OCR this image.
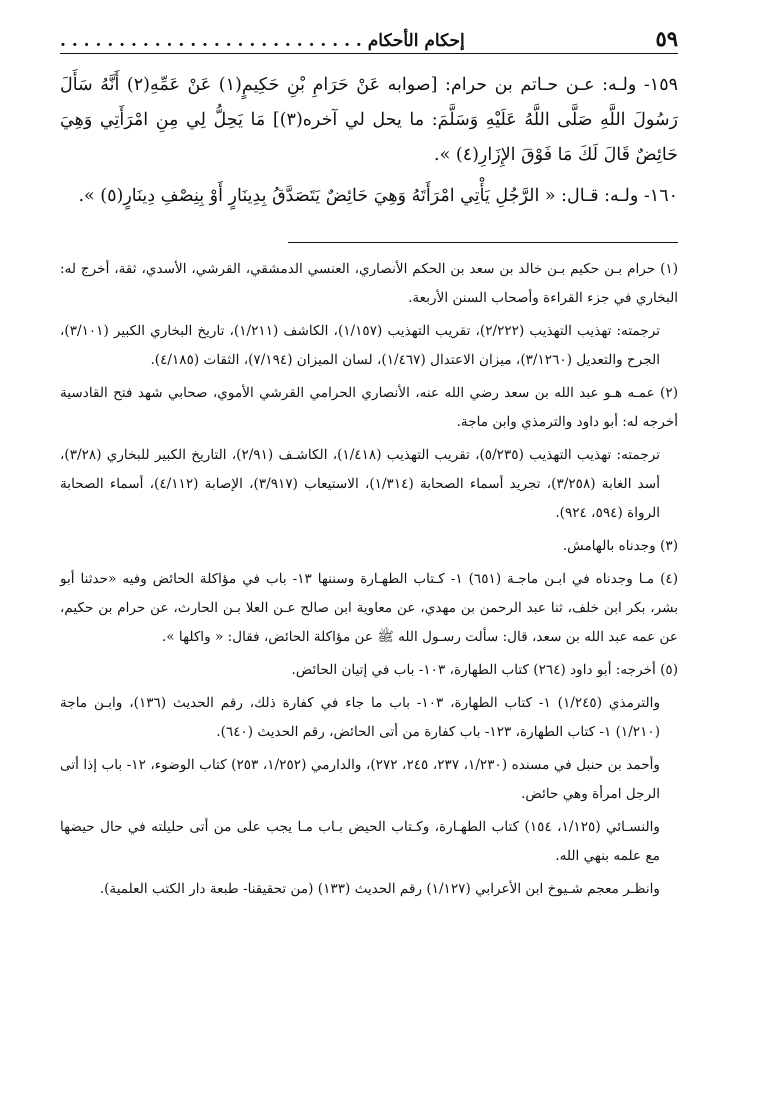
٥٩
إحكام الأحكام . . . . . . . . . . . . . . . . . . . . . . . . . .

١٥٩- ولـه: عـن حـاتم بن حرام: [صوابه عَنْ حَرَامِ بْنِ حَكِيمٍ(١) عَنْ عَمِّهِ(٢) أَنَّهُ سَأَلَ رَسُولَ اللَّهِ صَلَّى اللَّهُ عَلَيْهِ وَسَلَّمَ: ما يحل لي آخره(٣)] مَا يَحِلُّ لِي مِنِ امْرَأَتِي وَهِيَ حَائِضٌ قَالَ لَكَ مَا فَوْقَ الإِزَارِ(٤) ».

١٦٠- ولـه: قـال: « الرَّجُلِ يَأْتِي امْرَأَتَهُ وَهِيَ حَائِضٌ يَتَصَدَّقُ بِدِينَارٍ أَوْ بِنِصْفِ دِينَارٍ(٥) ».

(١) حرام بـن حكيم بـن خالد بن سعد بن الحكم الأنصاري، العنسي الدمشقي، القرشي، الأسدي، ثقة، أخرج له: البخاري في جزء القراءة وأصحاب السنن الأربعة.

ترجمته: تهذيب التهذيب (٢/٢٢٢)، تقريب التهذيب (١/١٥٧)، الكاشف (١/٢١١)، تاريخ البخاري الكبير (٣/١٠١)، الجرح والتعديل (٣/١٢٦٠)، ميزان الاعتدال (١/٤٦٧)، لسان الميزان (٧/١٩٤)، الثقات (٤/١٨٥).

(٢) عمـه هـو عبد الله بن سعد رضي الله عنه، الأنصاري الحرامي القرشي الأموي، صحابي شهد فتح القادسية أخرجه له: أبو داود والترمذي وابن ماجة.

ترجمته: تهذيب التهذيب (٥/٢٣٥)، تقريب التهذيب (١/٤١٨)، الكاشـف (٢/٩١)، التاريخ الكبير للبخاري (٣/٢٨)، أسد الغابة (٣/٢٥٨)، تجريد أسماء الصحابة (١/٣١٤)، الاستيعاب (٣/٩١٧)، الإصابة (٤/١١٢)، أسماء الصحابة الرواة (٥٩٤، ٩٢٤).

(٣) وجدناه بالهامش.

(٤) مـا وجدناه في ابـن ماجـة (٦٥١) ١- كـتاب الطهـارة وسننها ١٣- باب في مؤاكلة الحائض وفيه «حدثنا أبو بشر، بكر ابن خلف، ثنا عبد الرحمن بن مهدي، عن معاوية ابن صالح عـن العلا بـن الحارث، عن حرام بن حكيم، عن عمه عبد الله بن سعد، قال: سألت رسـول الله ﷺ عن مؤاكلة الحائض، فقال: « واكلها ».

(٥) أخرجه: أبو داود (٢٦٤) كتاب الطهارة، ١٠٣- باب في إتيان الحائض.

والترمذي (١/٢٤٥) ١- كتاب الطهارة، ١٠٣- باب ما جاء في كفارة ذلك، رقم الحديث (١٣٦)، وابـن ماجة (١/٢١٠) ١- كتاب الطهارة، ١٢٣- باب كفارة من أتى الحائض، رقم الحديث (٦٤٠).

وأحمد بن حنبل في مسنده (١/٢٣٠، ٢٣٧، ٢٤٥، ٢٧٢)، والدارمي (١/٢٥٢، ٢٥٣) كتاب الوضوء، ١٢- باب إذا أتى الرجل امرأة وهي حائض.

والنسـائي (١/١٢٥، ١٥٤) كتاب الطهـارة، وكـتاب الحيض بـاب مـا يجب على من أتى حليلته في حال حيضها مع علمه بنهي الله.

وانظـر معجم شـيوخ ابن الأعرابي (١/١٢٧) رقم الحديث (١٣٣) (من تحقيقنا- طبعة دار الكتب العلمية).
